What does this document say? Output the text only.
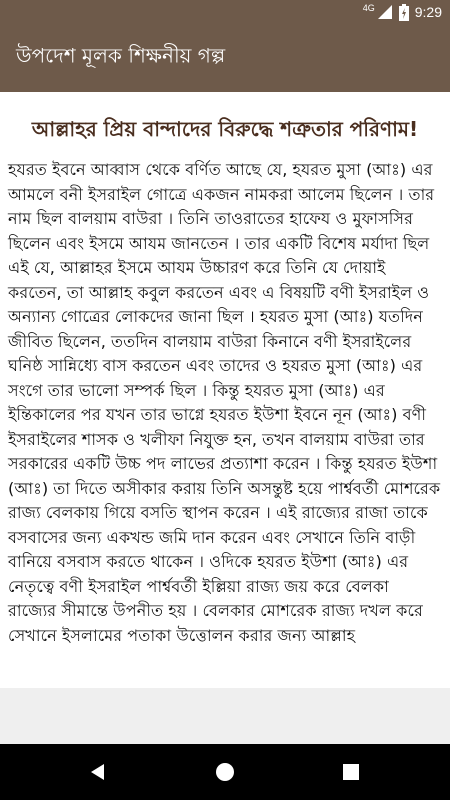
4G	9:29
উপদেশ মূলক শিক্ষনীয় গল্প
আল্লাহর প্রিয় বান্দাদের বিরুদ্ধে শত্রুতার পরিণাম!
হযরত ইবনে আব্বাস থেকে বর্ণিত আছে যে, হযরত মুসা (আঃ) এর আমলে বনী ইসরাইল গোত্রে একজন নামকরা আলেম ছিলেন । তার নাম ছিল বালয়াম বাউরা । তিনি তাওরাতের হাফেয ও মুফাসসির ছিলেন এবং ইসমে আযম জানতেন । তার একটি বিশেষ মর্যাদা ছিল এই যে, আল্লাহর ইসমে আযম উচ্চারণ করে তিনি যে দোয়াই করতেন, তা আল্লাহ কবুল করতেন এবং এ বিষয়টি বণী ইসরাইল ও অন্যান্য গোত্রের লোকদের জানা ছিল । হযরত মুসা (আঃ) যতদিন জীবিত ছিলেন, ততদিন বালয়াম বাউরা কিনানে বণী ইসরাইলের ঘনিষ্ঠ সান্নিধ্যে বাস করতেন এবং তাদের ও হযরত মুসা (আঃ) এর সংগে তার ভালো সম্পর্ক ছিল । কিন্তু হযরত মুসা (আঃ) এর ইন্তিকালের পর যখন তার ভাগ্নে হযরত ইউশা ইবনে নূন (আঃ) বণী ইসরাইলের শাসক ও খলীফা নিযুক্ত হন, তখন বালয়াম বাউরা তার সরকারের একটি উচ্চ পদ লাভের প্রত্যাশা করেন । কিন্তু হযরত ইউশা (আঃ) তা দিতে অসীকার করায় তিনি অসন্তুষ্ট হয়ে পার্শ্ববর্তী মোশরেক রাজ্য বেলকায় গিয়ে বসতি স্থাপন করেন । এই রাজ্যের রাজা তাকে বসবাসের জন্য একখন্ড জমি দান করেন এবং সেখানে তিনি বাড়ী বানিয়ে বসবাস করতে থাকেন । ওদিকে হযরত ইউশা (আঃ) এর নেতৃত্বে বণী ইসরাইল পার্শ্ববর্তী ইল্লিয়া রাজ্য জয় করে বেলকা রাজ্যের সীমান্তে উপনীত হয় । বেলকার মোশরেক রাজ্য দখল করে সেখানে ইসলামের পতাকা উত্তোলন করার জন্য আল্লাহ
